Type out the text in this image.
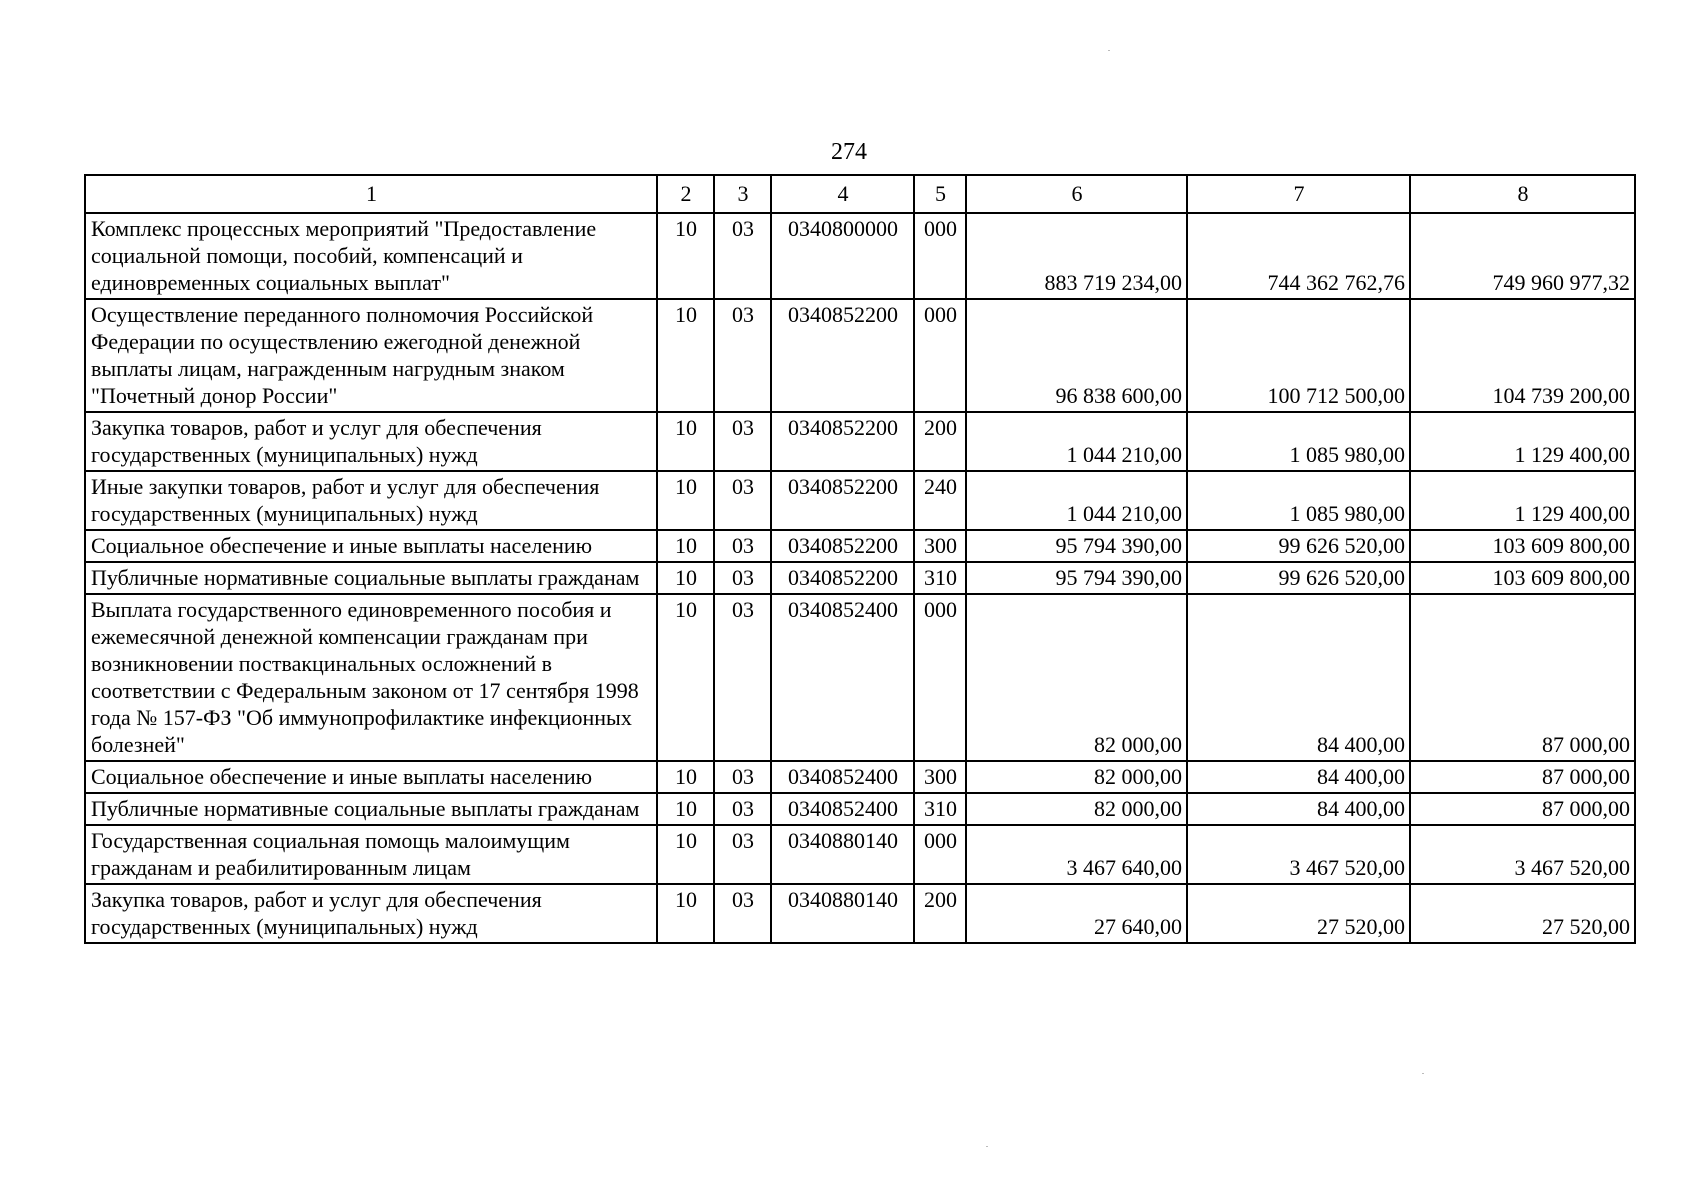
274
1	2	3	4	5	6	7	8
Комплекс процессных мероприятий "Предоставление социальной помощи, пособий, компенсаций и единовременных социальных выплат"	10	03	0340800000	000	883 719 234,00	744 362 762,76	749 960 977,32
Осуществление переданного полномочия Российской Федерации по осуществлению ежегодной денежной выплаты лицам, награжденным нагрудным знаком "Почетный донор России"	10	03	0340852200	000	96 838 600,00	100 712 500,00	104 739 200,00
Закупка товаров, работ и услуг для обеспечения государственных (муниципальных) нужд	10	03	0340852200	200	1 044 210,00	1 085 980,00	1 129 400,00
Иные закупки товаров, работ и услуг для обеспечения государственных (муниципальных) нужд	10	03	0340852200	240	1 044 210,00	1 085 980,00	1 129 400,00
Социальное обеспечение и иные выплаты населению	10	03	0340852200	300	95 794 390,00	99 626 520,00	103 609 800,00
Публичные нормативные социальные выплаты гражданам	10	03	0340852200	310	95 794 390,00	99 626 520,00	103 609 800,00
Выплата государственного единовременного пособия и ежемесячной денежной компенсации гражданам при возникновении поствакцинальных осложнений в соответствии с Федеральным законом от 17 сентября 1998 года № 157-ФЗ "Об иммунопрофилактике инфекционных болезней"	10	03	0340852400	000	82 000,00	84 400,00	87 000,00
Социальное обеспечение и иные выплаты населению	10	03	0340852400	300	82 000,00	84 400,00	87 000,00
Публичные нормативные социальные выплаты гражданам	10	03	0340852400	310	82 000,00	84 400,00	87 000,00
Государственная социальная помощь малоимущим гражданам и реабилитированным лицам	10	03	0340880140	000	3 467 640,00	3 467 520,00	3 467 520,00
Закупка товаров, работ и услуг для обеспечения государственных (муниципальных) нужд	10	03	0340880140	200	27 640,00	27 520,00	27 520,00
